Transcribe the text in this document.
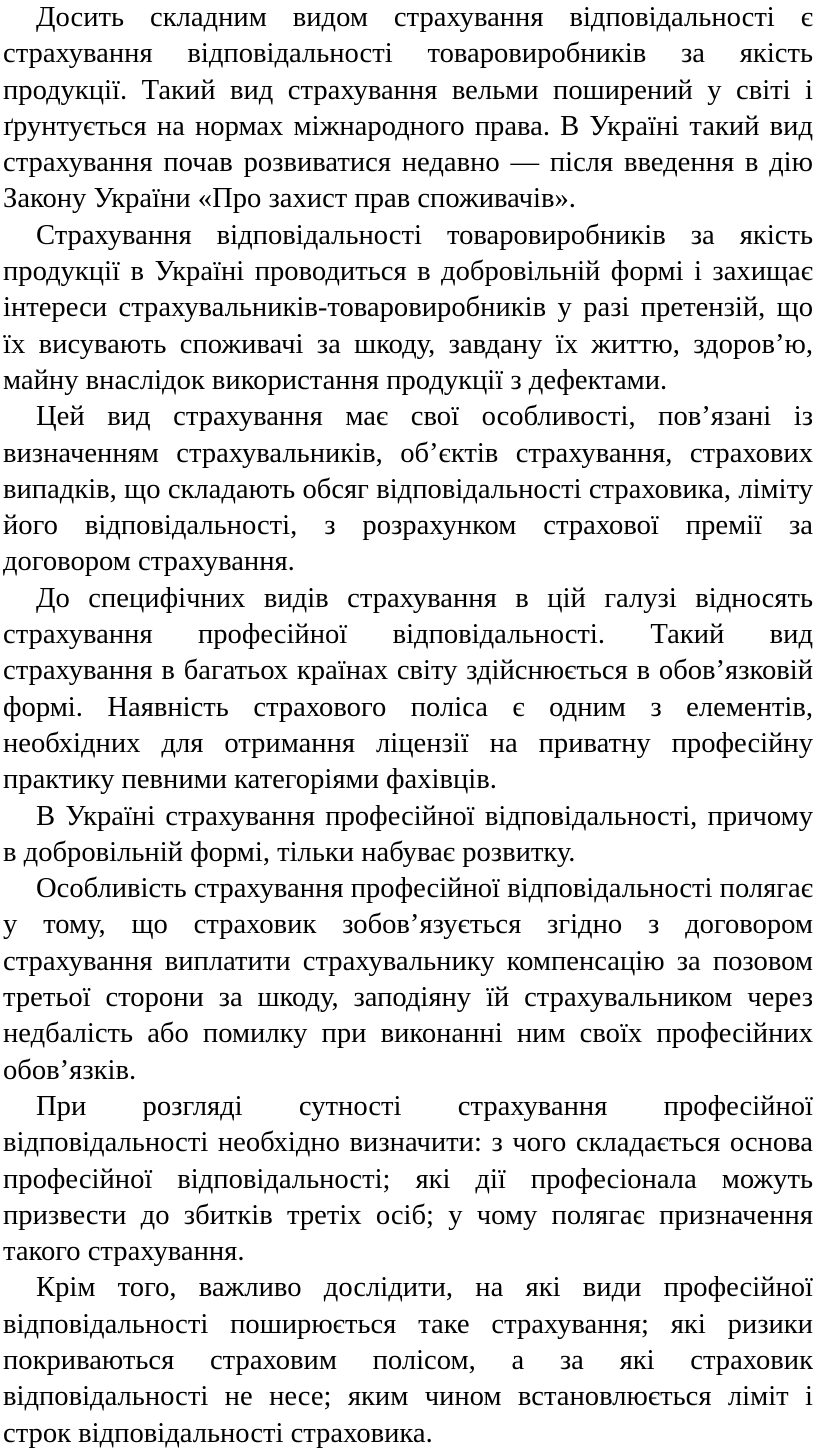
Досить складним видом страхування відповідальності є страхування відповідальності товаровиробників за якість продукції. Такий вид страхування вельми поширений у світі і ґрунтується на нормах міжнародного права. В Україні такий вид страхування почав розвиватися недавно — після введення в дію Закону України «Про захист прав споживачів».

Страхування відповідальності товаровиробників за якість продукції в Україні проводиться в добровільній формі і захищає інтереси страхувальників-товаровиробників у разі претензій, що їх висувають споживачі за шкоду, завдану їх життю, здоров’ю, майну внаслідок використання продукції з дефектами.

Цей вид страхування має свої особливості, пов’язані із визначенням страхувальників, об’єктів страхування, страхових випадків, що складають обсяг відповідальності страховика, ліміту його відповідальності, з розрахунком страхової премії за договором страхування.

До специфічних видів страхування в цій галузі відносять страхування професійної відповідальності. Такий вид страхування в багатьох країнах світу здійснюється в обов’язковій формі. Наявність страхового поліса є одним з елементів, необхідних для отримання ліцензії на приватну професійну практику певними категоріями фахівців.

В Україні страхування професійної відповідальності, причому в добровільній формі, тільки набуває розвитку.

Особливість страхування професійної відповідальності полягає у тому, що страховик зобов’язується згідно з договором страхування виплатити страхувальнику компенсацію за позовом третьої сторони за шкоду, заподіяну їй страхувальником через недбалість або помилку при виконанні ним своїх професійних обов’язків.

При розгляді сутності страхування професійної відповідальності необхідно визначити: з чого складається основа професійної відповідальності; які дії професіонала можуть призвести до збитків третіх осіб; у чому полягає призначення такого страхування.

Крім того, важливо дослідити, на які види професійної відповідальності поширюється таке страхування; які ризики покриваються страховим полісом, а за які страховик відповідальності не несе; яким чином встановлюється ліміт і строк відповідальності страховика.
